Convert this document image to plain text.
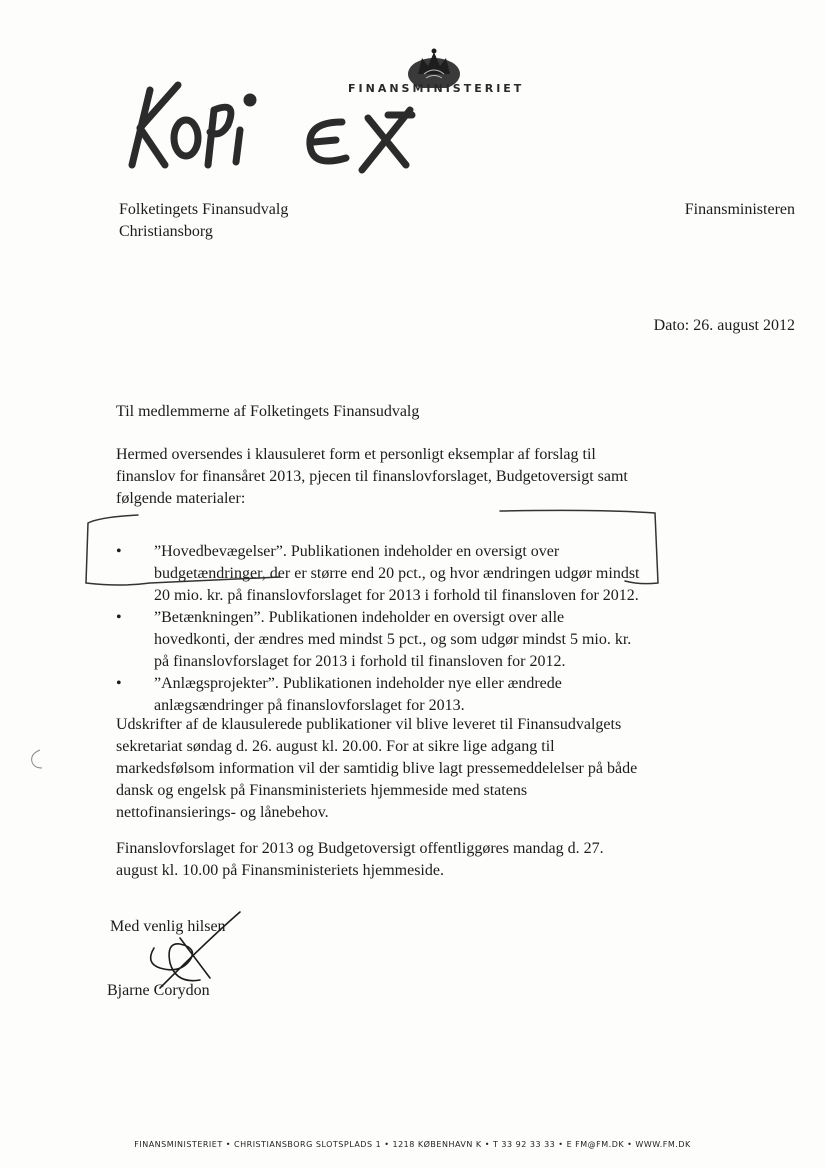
FINANSMINISTERIET
Folketingets Finansudvalg
Christiansborg
Finansministeren
Dato: 26. august 2012
Til medlemmerne af Folketingets Finansudvalg
Hermed oversendes i klausuleret form et personligt eksemplar af forslag til finanslov for finansåret 2013, pjecen til finanslovforslaget, Budgetoversigt samt følgende materialer:
• ”Hovedbevægelser”. Publikationen indeholder en oversigt over budgetændringer, der er større end 20 pct., og hvor ændringen udgør mindst 20 mio. kr. på finanslovforslaget for 2013 i forhold til finansloven for 2012.
• ”Betænkningen”. Publikationen indeholder en oversigt over alle hovedkonti, der ændres med mindst 5 pct., og som udgør mindst 5 mio. kr. på finanslovforslaget for 2013 i forhold til finansloven for 2012.
• ”Anlægsprojekter”. Publikationen indeholder nye eller ændrede anlægsændringer på finanslovforslaget for 2013.
Udskrifter af de klausulerede publikationer vil blive leveret til Finansudvalgets sekretariat søndag d. 26. august kl. 20.00. For at sikre lige adgang til markedsfølsom information vil der samtidig blive lagt pressemeddelelser på både dansk og engelsk på Finansministeriets hjemmeside med statens nettofinansierings- og lånebehov.
Finanslovforslaget for 2013 og Budgetoversigt offentliggøres mandag d. 27. august kl. 10.00 på Finansministeriets hjemmeside.
Med venlig hilsen
Bjarne Corydon
FINANSMINISTERIET • CHRISTIANSBORG SLOTSPLADS 1 • 1218 KØBENHAVN K • T 33 92 33 33 • E FM@FM.DK • WWW.FM.DK
